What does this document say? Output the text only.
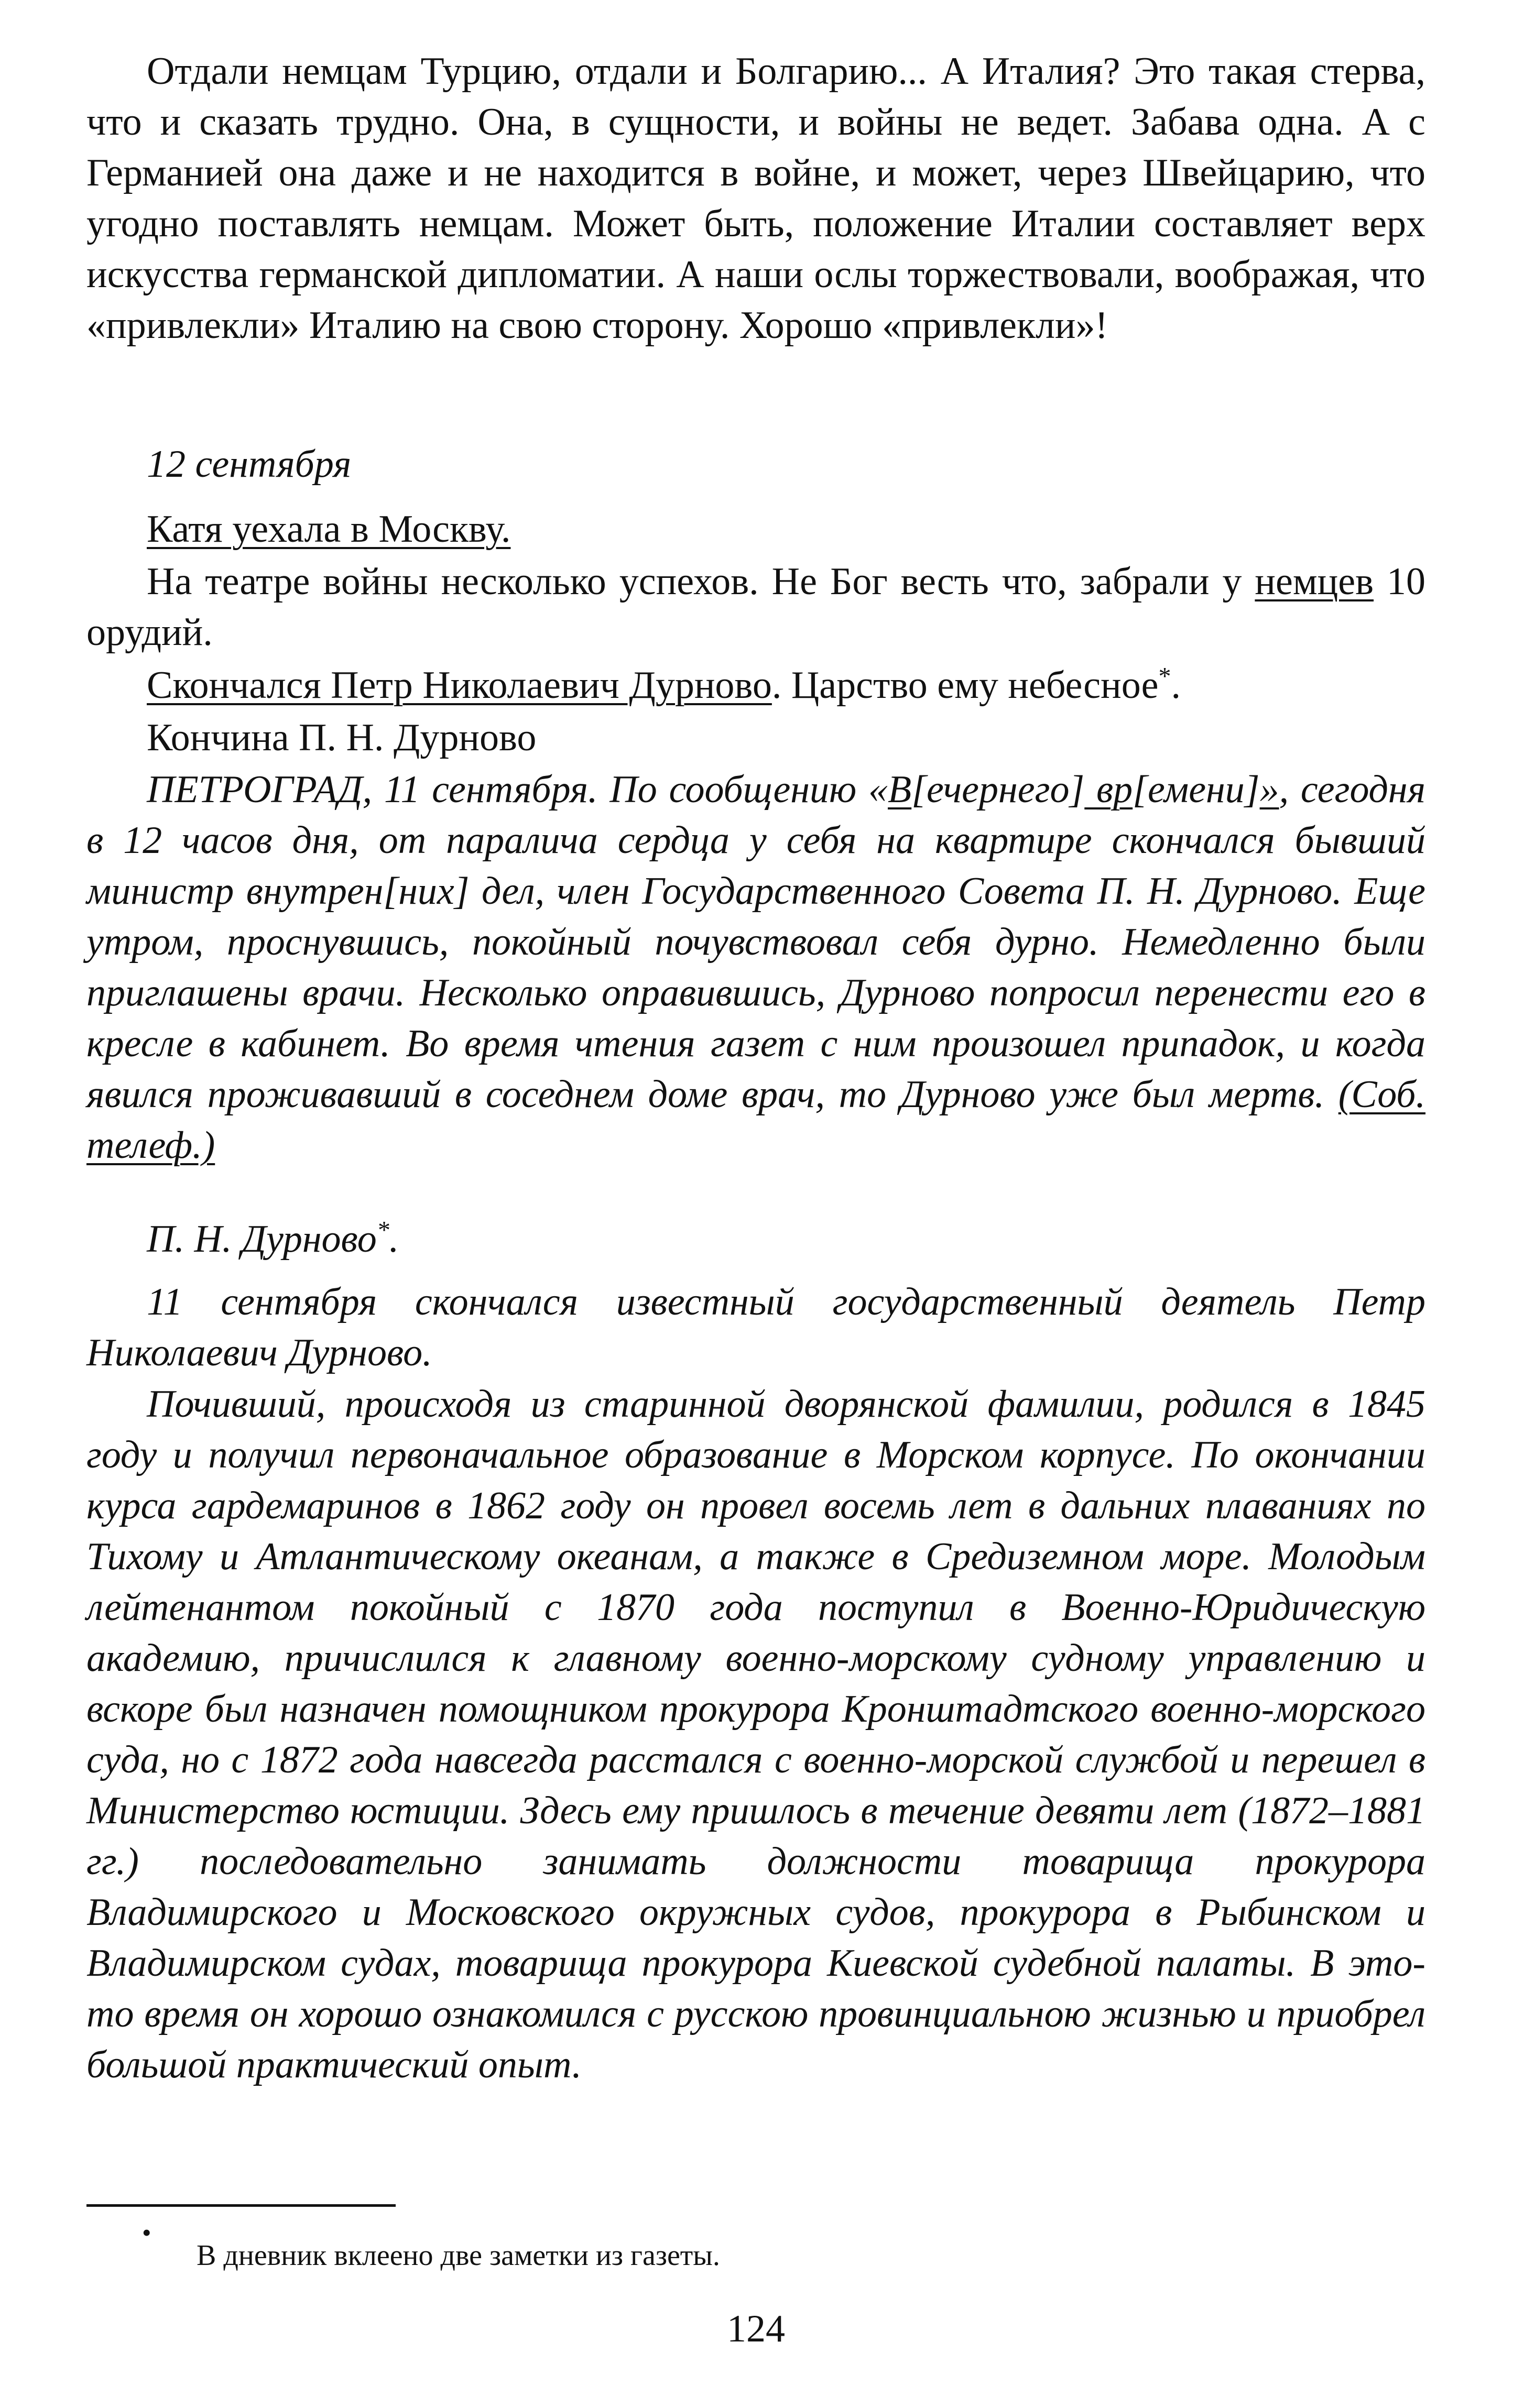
Отдали немцам Турцию, отдали и Болгарию... А Италия? Это такая стерва, что и сказать трудно. Она, в сущности, и войны не ведет. Забава одна. А с Германией она даже и не находится в войне, и может, через Швейцарию, что угодно поставлять немцам. Может быть, положение Италии составляет верх искусства германской дипломатии. А наши ослы торжествовали, воображая, что «привлекли» Италию на свою сторону. Хорошо «привлекли»!

12 сентября

Катя уехала в Москву.

На театре войны несколько успехов. Не Бог весть что, забрали у немцев 10 орудий.

Скончался Петр Николаевич Дурново. Царство ему небесное*.

Кончина П. Н. Дурново

ПЕТРОГРАД, 11 сентября. По сообщению «В[ечернего] вр[емени]», сегодня в 12 часов дня, от паралича сердца у себя на квартире скончался бывший министр внутрен[них] дел, член Государственного Совета П. Н. Дурново. Еще утром, проснувшись, покойный почувствовал себя дурно. Немедленно были приглашены врачи. Несколько оправившись, Дурново попросил перенести его в кресле в кабинет. Во время чтения газет с ним произошел припадок, и когда явился проживавший в соседнем доме врач, то Дурново уже был мертв. (Соб. телеф.)

П. Н. Дурново*.

11 сентября скончался известный государственный деятель Петр Николаевич Дурново.

Почивший, происходя из старинной дворянской фамилии, родился в 1845 году и получил первоначальное образование в Морском корпусе. По окончании курса гардемаринов в 1862 году он провел восемь лет в дальних плаваниях по Тихому и Атлантическому океанам, а также в Средиземном море. Молодым лейтенантом покойный с 1870 года поступил в Военно-Юридическую академию, причислился к главному военно-морскому судному управлению и вскоре был назначен помощником прокурора Кронштадтского военно-морского суда, но с 1872 года навсегда расстался с военно-морской службой и перешел в Министерство юстиции. Здесь ему пришлось в течение девяти лет (1872–1881 гг.) последовательно занимать должности товарища прокурора Владимирского и Московского окружных судов, прокурора в Рыбинском и Владимирском судах, товарища прокурора Киевской судебной палаты. В это-то время он хорошо ознакомился с русскою провинциальною жизнью и приобрел большой практический опыт.

•
В дневник вклеено две заметки из газеты.
124
